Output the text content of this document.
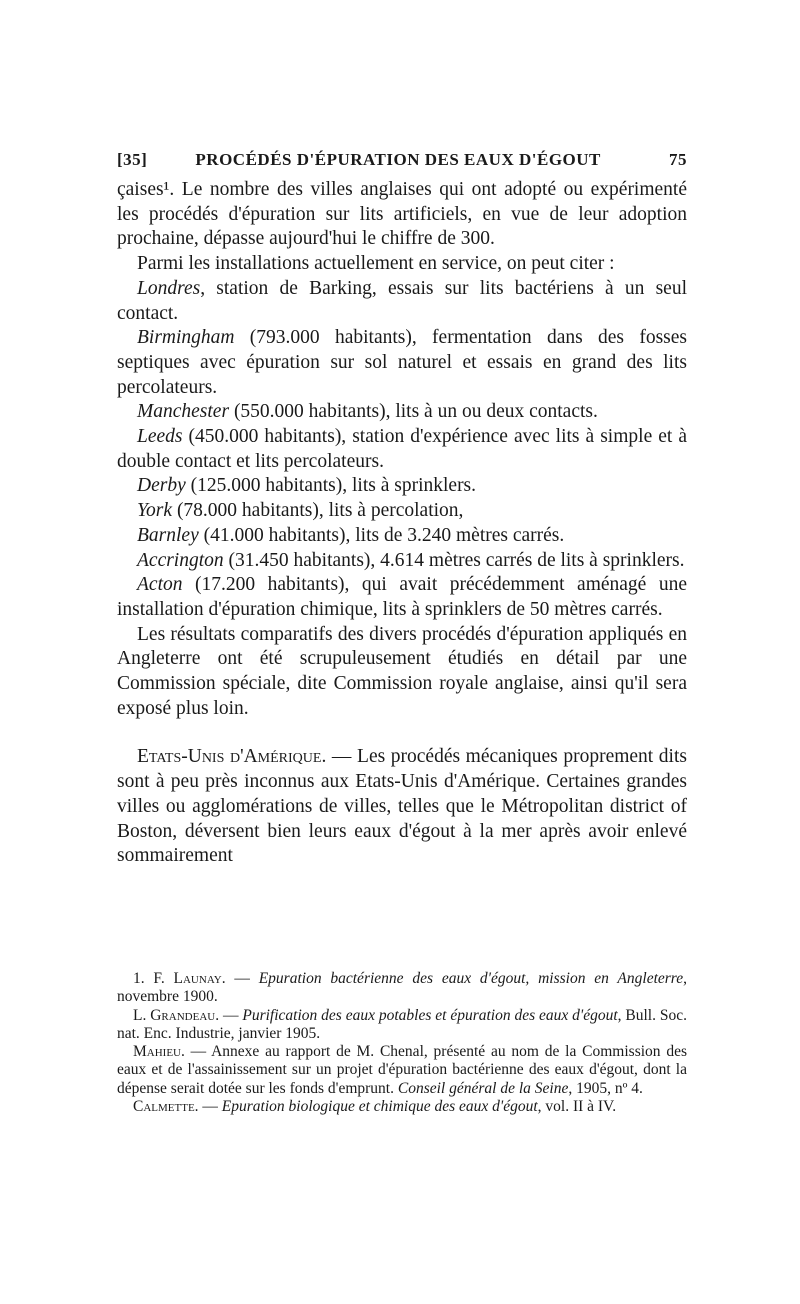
[35]	PROCÉDÉS D'ÉPURATION DES EAUX D'ÉGOUT	75

çaises¹. Le nombre des villes anglaises qui ont adopté ou expérimenté les procédés d'épuration sur lits artificiels, en vue de leur adoption prochaine, dépasse aujourd'hui le chiffre de 300.

Parmi les installations actuellement en service, on peut citer :

Londres, station de Barking, essais sur lits bactériens à un seul contact.

Birmingham (793.000 habitants), fermentation dans des fosses septiques avec épuration sur sol naturel et essais en grand des lits percolateurs.

Manchester (550.000 habitants), lits à un ou deux contacts.

Leeds (450.000 habitants), station d'expérience avec lits à simple et à double contact et lits percolateurs.

Derby (125.000 habitants), lits à sprinklers.

York (78.000 habitants), lits à percolation,

Barnley (41.000 habitants), lits de 3.240 mètres carrés.

Accrington (31.450 habitants), 4.614 mètres carrés de lits à sprinklers.

Acton (17.200 habitants), qui avait précédemment aménagé une installation d'épuration chimique, lits à sprinklers de 50 mètres carrés.

Les résultats comparatifs des divers procédés d'épuration appliqués en Angleterre ont été scrupuleusement étudiés en détail par une Commission spéciale, dite Commission royale anglaise, ainsi qu'il sera exposé plus loin.

Etats-Unis d'Amérique. — Les procédés mécaniques proprement dits sont à peu près inconnus aux Etats-Unis d'Amérique. Certaines grandes villes ou agglomérations de villes, telles que le Métropolitan district of Boston, déversent bien leurs eaux d'égout à la mer après avoir enlevé sommairement

1. F. Launay. — Epuration bactérienne des eaux d'égout, mission en Angleterre, novembre 1900.

L. Grandeau. — Purification des eaux potables et épuration des eaux d'égout, Bull. Soc. nat. Enc. Industrie, janvier 1905.

Mahieu. — Annexe au rapport de M. Chenal, présenté au nom de la Commission des eaux et de l'assainissement sur un projet d'épuration bactérienne des eaux d'égout, dont la dépense serait dotée sur les fonds d'emprunt. Conseil général de la Seine, 1905, nº 4.

Calmette. — Epuration biologique et chimique des eaux d'égout, vol. II à IV.
